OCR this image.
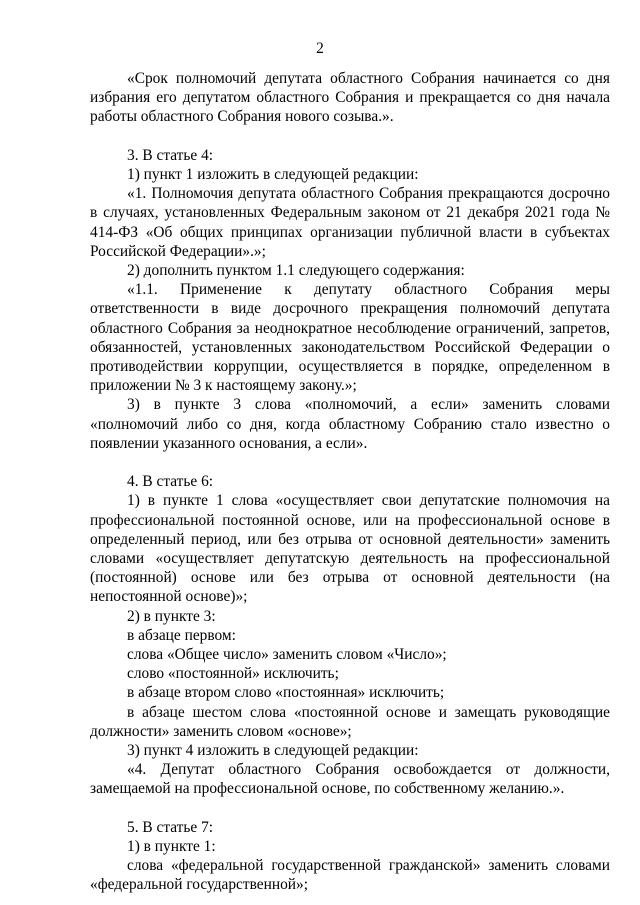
2

«Срок полномочий депутата областного Собрания начинается со дня избрания его депутатом областного Собрания и прекращается со дня начала работы областного Собрания нового созыва.».

3. В статье 4:

1) пункт 1 изложить в следующей редакции:

«1. Полномочия депутата областного Собрания прекращаются досрочно в случаях, установленных Федеральным законом от 21 декабря 2021 года № 414-ФЗ «Об общих принципах организации публичной власти в субъектах Российской Федерации».»;

2) дополнить пунктом 1.1 следующего содержания:

«1.1. Применение к депутату областного Собрания меры ответственности в виде досрочного прекращения полномочий депутата областного Собрания за неоднократное несоблюдение ограничений, запретов, обязанностей, установленных законодательством Российской Федерации о противодействии коррупции, осуществляется в порядке, определенном в приложении № 3 к настоящему закону.»;

3) в пункте 3 слова «полномочий, а если» заменить словами «полномочий либо со дня, когда областному Собранию стало известно о появлении указанного основания, а если».

4. В статье 6:

1) в пункте 1 слова «осуществляет свои депутатские полномочия на профессиональной постоянной основе, или на профессиональной основе в определенный период, или без отрыва от основной деятельности» заменить словами «осуществляет депутатскую деятельность на профессиональной (постоянной) основе или без отрыва от основной деятельности (на непостоянной основе)»;

2) в пункте 3:

в абзаце первом:

слова «Общее число» заменить словом «Число»;

слово «постоянной» исключить;

в абзаце втором слово «постоянная» исключить;

в абзаце шестом слова «постоянной основе и замещать руководящие должности» заменить словом «основе»;

3) пункт 4 изложить в следующей редакции:

«4. Депутат областного Собрания освобождается от должности, замещаемой на профессиональной основе, по собственному желанию.».

5. В статье 7:

1) в пункте 1:

слова «федеральной государственной гражданской» заменить словами «федеральной государственной»;
